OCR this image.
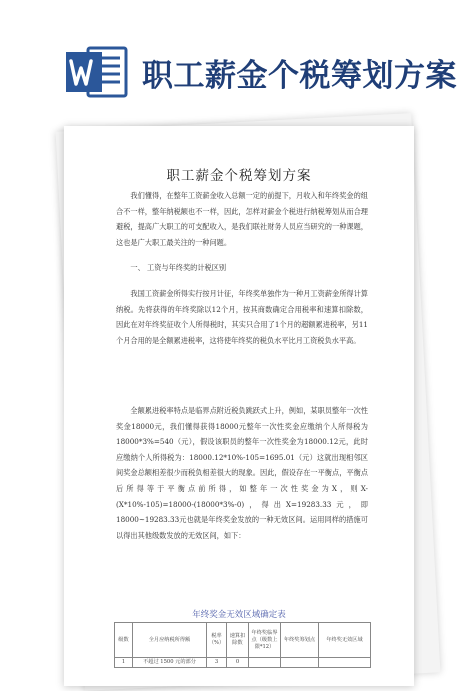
职工薪金个税筹划方案
职工薪金个税筹划方案

我们懂得，在整年工资薪金收入总额一定的前提下，月收入和年终奖金的组合不一样，整年纳税额也不一样，因此，怎样对薪金个税进行纳税筹划从而合理避税，提高广大职工的可支配收入，是我们联社财务人员应当研究的一种课题，这也是广大职工最关注的一种问题。

一、 工资与年终奖的计税区别

我国工资薪金所得实行按月计征，年终奖单独作为一种月工资薪金所得计算纳税。先将获得的年终奖除以12个月，按其商数确定合用税率和速算扣除数，因此在对年终奖征收个人所得税时，其实只合用了1个月的超额累进税率，另11个月合用的是全额累进税率，这将使年终奖的税负水平比月工资税负水平高。

全额累进税率特点是临界点附近税负跳跃式上升，例如，某职员整年一次性奖金18000元，我们懂得获得18000元整年一次性奖金应缴纳个人所得税为18000*3%=540（元），假设该职员的整年一次性奖金为18000.12元，此时应缴纳个人所得税为：18000.12*10%-105=1695.01（元）这就出现相邻区间奖金总额相差很少而税负相差很大的现象。因此，假设存在一平衡点，平衡点后所得等于平衡点前所得，如整年一次性奖金为X，则X-(X*10%-105)=18000-(18000*3%-0)，得出X=19283.33元，即18000~19283.33元也就是年终奖金发放的一种无效区间。运用同样的措施可以得出其他级数发放的无效区间，如下：

年终奖金无效区域确定表
级数	全月应纳税所得额	税率（%）	速算扣除数	年终奖临界点（级数上限*12）	年终奖筹划点	年终奖无效区域
1	不超过 1500 元的部分	3	0			
